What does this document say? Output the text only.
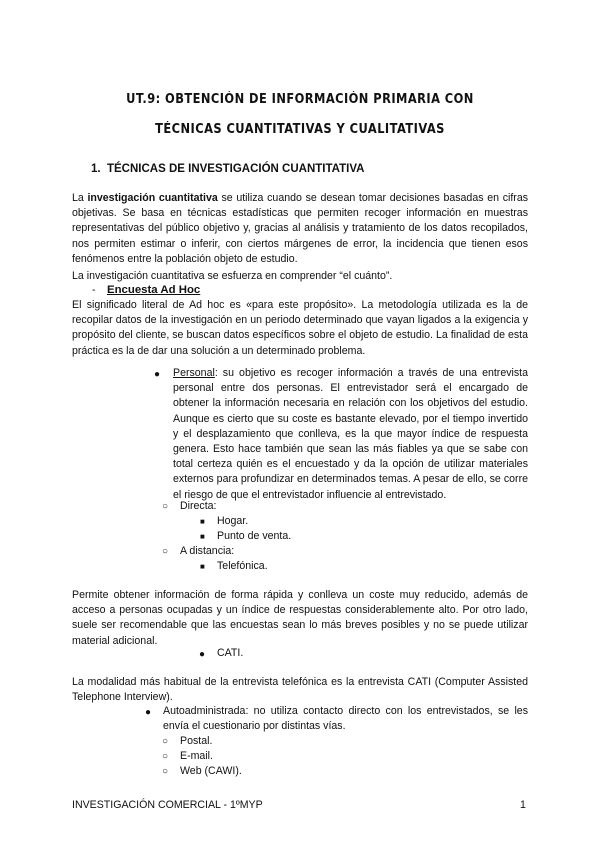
UT.9: OBTENCIÓN DE INFORMACIÓN PRIMARIA CON
TÉCNICAS CUANTITATIVAS Y CUALITATIVAS
1. TÉCNICAS DE INVESTIGACIÓN CUANTITATIVA

La investigación cuantitativa se utiliza cuando se desean tomar decisiones basadas en cifras objetivas. Se basa en técnicas estadísticas que permiten recoger información en muestras representativas del público objetivo y, gracias al análisis y tratamiento de los datos recopilados, nos permiten estimar o inferir, con ciertos márgenes de error, la incidencia que tienen esos fenómenos entre la población objeto de estudio.

La investigación cuantitativa se esfuerza en comprender “el cuánto”.

- Encuesta Ad Hoc

El significado literal de Ad hoc es «para este propósito». La metodología utilizada es la de recopilar datos de la investigación en un periodo determinado que vayan ligados a la exigencia y propósito del cliente, se buscan datos específicos sobre el objeto de estudio. La finalidad de esta práctica es la de dar una solución a un determinado problema.

● Personal: su objetivo es recoger información a través de una entrevista personal entre dos personas. El entrevistador será el encargado de obtener la información necesaria en relación con los objetivos del estudio. Aunque es cierto que su coste es bastante elevado, por el tiempo invertido y el desplazamiento que conlleva, es la que mayor índice de respuesta genera. Esto hace también que sean las más fiables ya que se sabe con total certeza quién es el encuestado y da la opción de utilizar materiales externos para profundizar en determinados temas. A pesar de ello, se corre el riesgo de que el entrevistador influencie al entrevistado.

○ Directa:
■ Hogar.
■ Punto de venta.
○ A distancia:
■ Telefónica.

Permite obtener información de forma rápida y conlleva un coste muy reducido, además de acceso a personas ocupadas y un índice de respuestas considerablemente alto. Por otro lado, suele ser recomendable que las encuestas sean lo más breves posibles y no se puede utilizar material adicional.

● CATI.

La modalidad más habitual de la entrevista telefónica es la entrevista CATI (Computer Assisted Telephone Interview).

● Autoadministrada: no utiliza contacto directo con los entrevistados, se les envía el cuestionario por distintas vías.

○ Postal.
○ E-mail.
○ Web (CAWI).
INVESTIGACIÓN COMERCIAL - 1ºMYP	1
